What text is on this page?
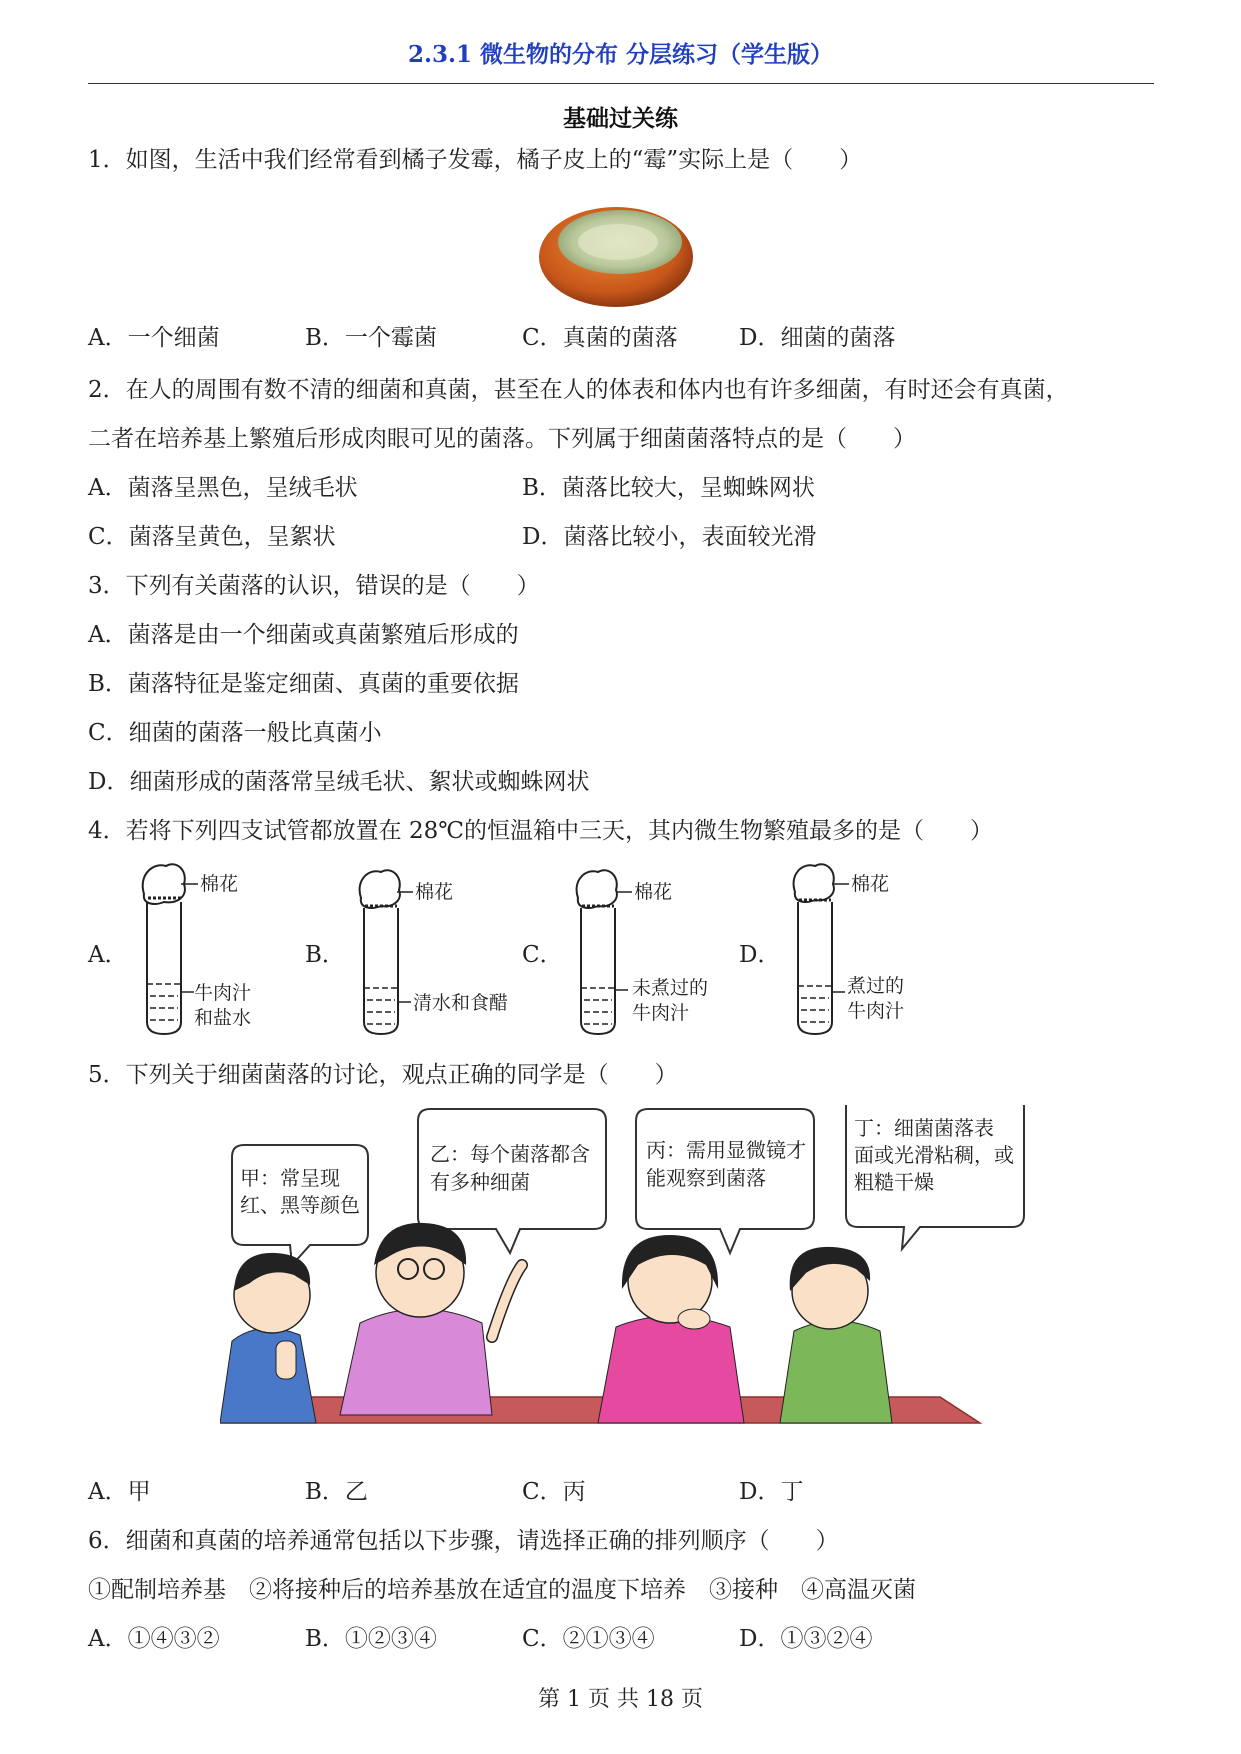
2.3.1 微生物的分布 分层练习（学生版）
基础过关练
1．如图，生活中我们经常看到橘子发霉，橘子皮上的“霉”实际上是（　　）
A．一个细菌	B．一个霉菌	C．真菌的菌落	D．细菌的菌落
2．在人的周围有数不清的细菌和真菌，甚至在人的体表和体内也有许多细菌，有时还会有真菌，
二者在培养基上繁殖后形成肉眼可见的菌落。下列属于细菌菌落特点的是（　　）
A．菌落呈黑色，呈绒毛状	B．菌落比较大，呈蜘蛛网状
C．菌落呈黄色，呈絮状	D．菌落比较小，表面较光滑
3．下列有关菌落的认识，错误的是（　　）
A．菌落是由一个细菌或真菌繁殖后形成的
B．菌落特征是鉴定细菌、真菌的重要依据
C．细菌的菌落一般比真菌小
D．细菌形成的菌落常呈绒毛状、絮状或蜘蛛网状
4．若将下列四支试管都放置在 28℃的恒温箱中三天，其内微生物繁殖最多的是（　　）
A．	B．	C．	D．
棉花
牛肉汁
和盐水
棉花
清水和食醋
棉花
未煮过的
牛肉汁
棉花
煮过的
牛肉汁
5．下列关于细菌菌落的讨论，观点正确的同学是（　　）
甲：常呈现
红、黑等颜色
乙：每个菌落都含
有多种细菌
丙：需用显微镜才
能观察到菌落
丁：细菌菌落表
面或光滑粘稠，或
粗糙干燥
A．甲	B．乙	C．丙	D．丁
6．细菌和真菌的培养通常包括以下步骤，请选择正确的排列顺序（　　）
①配制培养基　②将接种后的培养基放在适宜的温度下培养　③接种　④高温灭菌
A．①④③②	B．①②③④	C．②①③④	D．①③②④
第 1 页 共 18 页
